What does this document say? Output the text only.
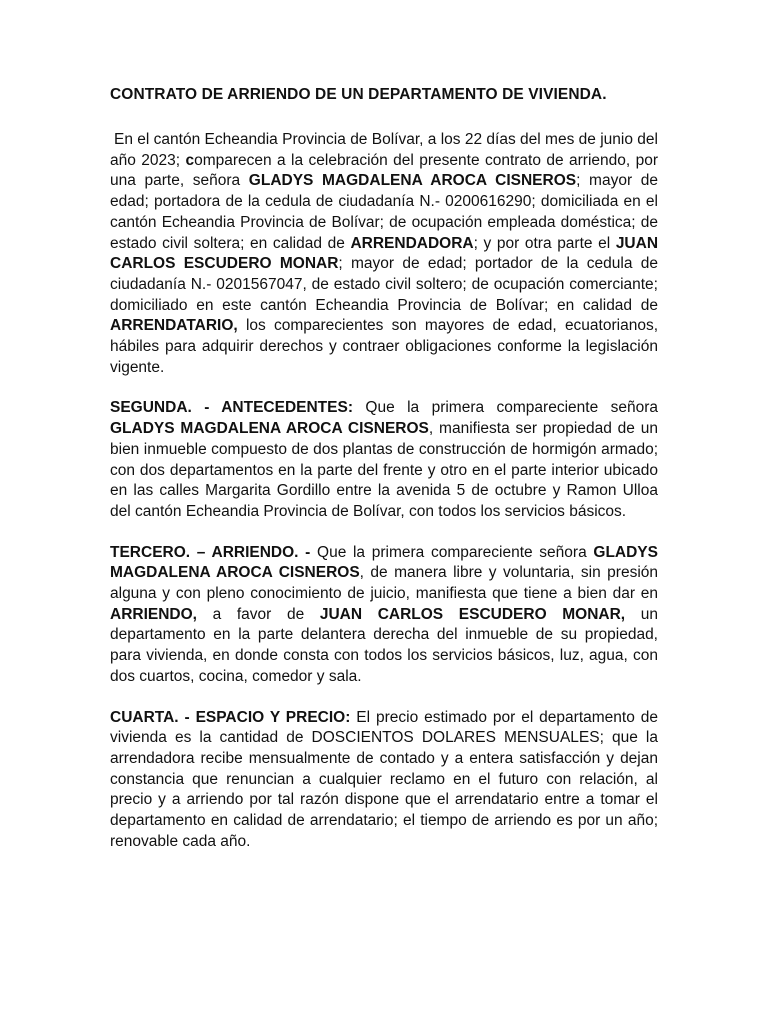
CONTRATO DE ARRIENDO DE UN DEPARTAMENTO DE VIVIENDA.

En el cantón Echeandia Provincia de Bolívar, a los 22 días del mes de junio del año 2023; comparecen a la celebración del presente contrato de arriendo, por una parte, señora GLADYS MAGDALENA AROCA CISNEROS; mayor de edad; portadora de la cedula de ciudadanía N.- 0200616290; domiciliada en el cantón Echeandia Provincia de Bolívar; de ocupación empleada doméstica; de estado civil soltera; en calidad de ARRENDADORA; y por otra parte el JUAN CARLOS ESCUDERO MONAR; mayor de edad; portador de la cedula de ciudadanía N.- 0201567047, de estado civil soltero; de ocupación comerciante; domiciliado en este cantón Echeandia Provincia de Bolívar; en calidad de ARRENDATARIO, los comparecientes son mayores de edad, ecuatorianos, hábiles para adquirir derechos y contraer obligaciones conforme la legislación vigente.

SEGUNDA. - ANTECEDENTES: Que la primera compareciente señora GLADYS MAGDALENA AROCA CISNEROS, manifiesta ser propiedad de un bien inmueble compuesto de dos plantas de construcción de hormigón armado; con dos departamentos en la parte del frente y otro en el parte interior ubicado en las calles Margarita Gordillo entre la avenida 5 de octubre y Ramon Ulloa del cantón Echeandia Provincia de Bolívar, con todos los servicios básicos.

TERCERO. – ARRIENDO. - Que la primera compareciente señora GLADYS MAGDALENA AROCA CISNEROS, de manera libre y voluntaria, sin presión alguna y con pleno conocimiento de juicio, manifiesta que tiene a bien dar en ARRIENDO, a favor de JUAN CARLOS ESCUDERO MONAR, un departamento en la parte delantera derecha del inmueble de su propiedad, para vivienda, en donde consta con todos los servicios básicos, luz, agua, con dos cuartos, cocina, comedor y sala.

CUARTA. - ESPACIO Y PRECIO: El precio estimado por el departamento de vivienda es la cantidad de DOSCIENTOS DOLARES MENSUALES; que la arrendadora recibe mensualmente de contado y a entera satisfacción y dejan constancia que renuncian a cualquier reclamo en el futuro con relación, al precio y a arriendo por tal razón dispone que el arrendatario entre a tomar el departamento en calidad de arrendatario; el tiempo de arriendo es por un año; renovable cada año.
